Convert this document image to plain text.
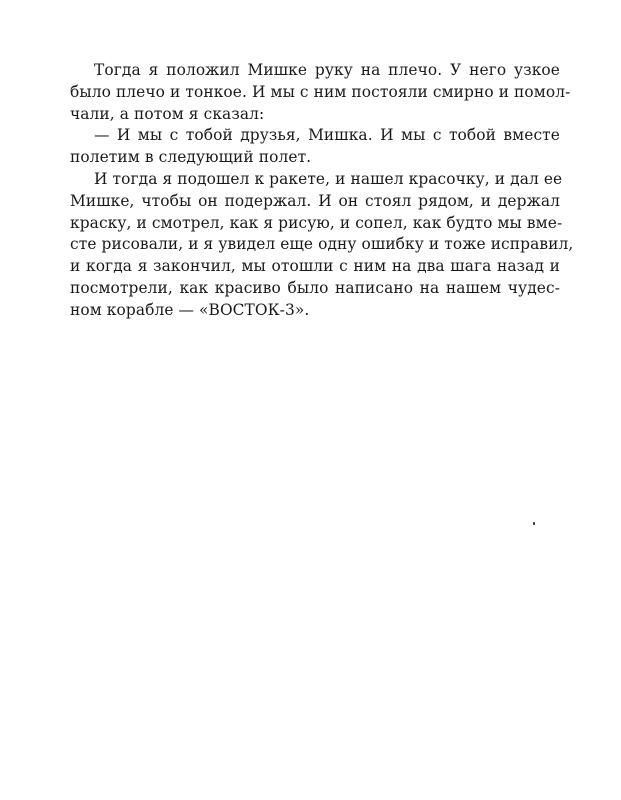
Тогда я положил Мишке руку на плечо. У него узкое
было плечо и тонкое. И мы с ним постояли смирно и помол-
чали, а потом я сказал:
— И мы с тобой друзья, Мишка. И мы с тобой вместе
полетим в следующий полет.
И тогда я подошел к ракете, и нашел красочку, и дал ее
Мишке, чтобы он подержал. И он стоял рядом, и держал
краску, и смотрел, как я рисую, и сопел, как будто мы вме-
сте рисовали, и я увидел еще одну ошибку и тоже исправил,
и когда я закончил, мы отошли с ним на два шага назад и
посмотрели, как красиво было написано на нашем чудес-
ном корабле — «ВОСТОК-3».
